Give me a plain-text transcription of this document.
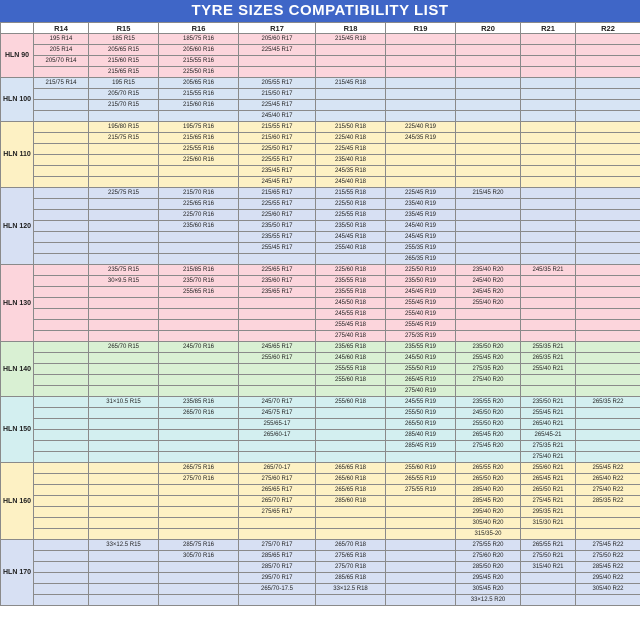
TYRE SIZES COMPATIBILITY LIST
	R14	R15	R16	R17	R18	R19	R20	R21	R22
HLN 90	195 R14	185 R15	185/75 R16	205/60 R17	215/45 R18				
	205 R14	205/65 R15	205/60 R16	225/45 R17					
	205/70 R14	215/60 R15	215/55 R16						
		215/65 R15	225/50 R16						
HLN 100	215/75 R14	195 R15	205/65 R16	205/55 R17	215/45 R18				
		205/70 R15	215/55 R16	215/50 R17					
		215/70 R15	215/60 R16	225/45 R17					
				245/40 R17					
HLN 110		195/80 R15	195/75 R16	215/55 R17	215/50 R18	225/40 R19			
		215/75 R15	215/65 R16	215/60 R17	225/40 R18	245/35 R19			
			225/55 R16	225/50 R17	225/45 R18				
			225/60 R16	225/55 R17	235/40 R18				
				235/45 R17	245/35 R18				
				245/45 R17	245/40 R18				
HLN 120		225/75 R15	215/70 R16	215/65 R17	215/55 R18	225/45 R19	215/45 R20		
			225/65 R16	225/55 R17	225/50 R18	235/40 R19			
			225/70 R16	225/60 R17	225/55 R18	235/45 R19			
			235/60 R16	235/50 R17	235/50 R18	245/40 R19			
				235/55 R17	245/45 R18	245/45 R19			
				255/45 R17	255/40 R18	255/35 R19			
						265/35 R19			
HLN 130		235/75 R15	215/85 R16	225/65 R17	225/60 R18	225/50 R19	235/40 R20	245/35 R21	
		30×9.5 R15	235/70 R16	235/60 R17	235/55 R18	235/50 R19	245/40 R20		
			255/65 R16	235/65 R17	235/55 R18	245/45 R19	245/45 R20		
					245/50 R18	255/45 R19	255/40 R20		
					245/55 R18	255/40 R19			
					255/45 R18	255/45 R19			
					275/40 R18	275/35 R19			
HLN 140		265/70 R15	245/70 R16	245/65 R17	235/65 R18	235/55 R19	235/50 R20	255/35 R21	
				255/60 R17	245/60 R18	245/50 R19	255/45 R20	265/35 R21	
					255/55 R18	255/50 R19	275/35 R20	255/40 R21	
					255/60 R18	265/45 R19	275/40 R20		
						275/40 R19			
HLN 150		31×10.5 R15	235/85 R16	245/70 R17	255/60 R18	245/55 R19	235/55 R20	235/50 R21	265/35 R22
			265/70 R16	245/75 R17		255/50 R19	245/50 R20	255/45 R21	
				255/65-17		265/50 R19	255/50 R20	265/40 R21	
				265/60-17		285/40 R19	265/45 R20	265/45-21	
						285/45 R19	275/45 R20	275/35 R21	
								275/40 R21	
HLN 160			265/75 R16	265/70-17	265/65 R18	255/60 R19	265/55 R20	255/60 R21	255/45 R22
			275/70 R16	275/60 R17	265/60 R18	265/55 R19	265/50 R20	265/45 R21	265/40 R22
				265/65 R17	265/65 R18	275/55 R19	285/40 R20	265/50 R21	275/40 R22
				265/70 R17	285/60 R18		285/45 R20	275/45 R21	285/35 R22
				275/65 R17			295/40 R20	295/35 R21	
							305/40 R20	315/30 R21	
							315/35-20		
HLN 170		33×12.5 R15	285/75 R16	275/70 R17	265/70 R18		275/55 R20	265/55 R21	275/45 R22
			305/70 R16	285/65 R17	275/65 R18		275/60 R20	275/50 R21	275/50 R22
				285/70 R17	275/70 R18		285/50 R20	315/40 R21	285/45 R22
				295/70 R17	285/65 R18		295/45 R20		295/40 R22
				265/70-17.5	33×12.5 R18		305/45 R20		305/40 R22
							33×12.5 R20		
